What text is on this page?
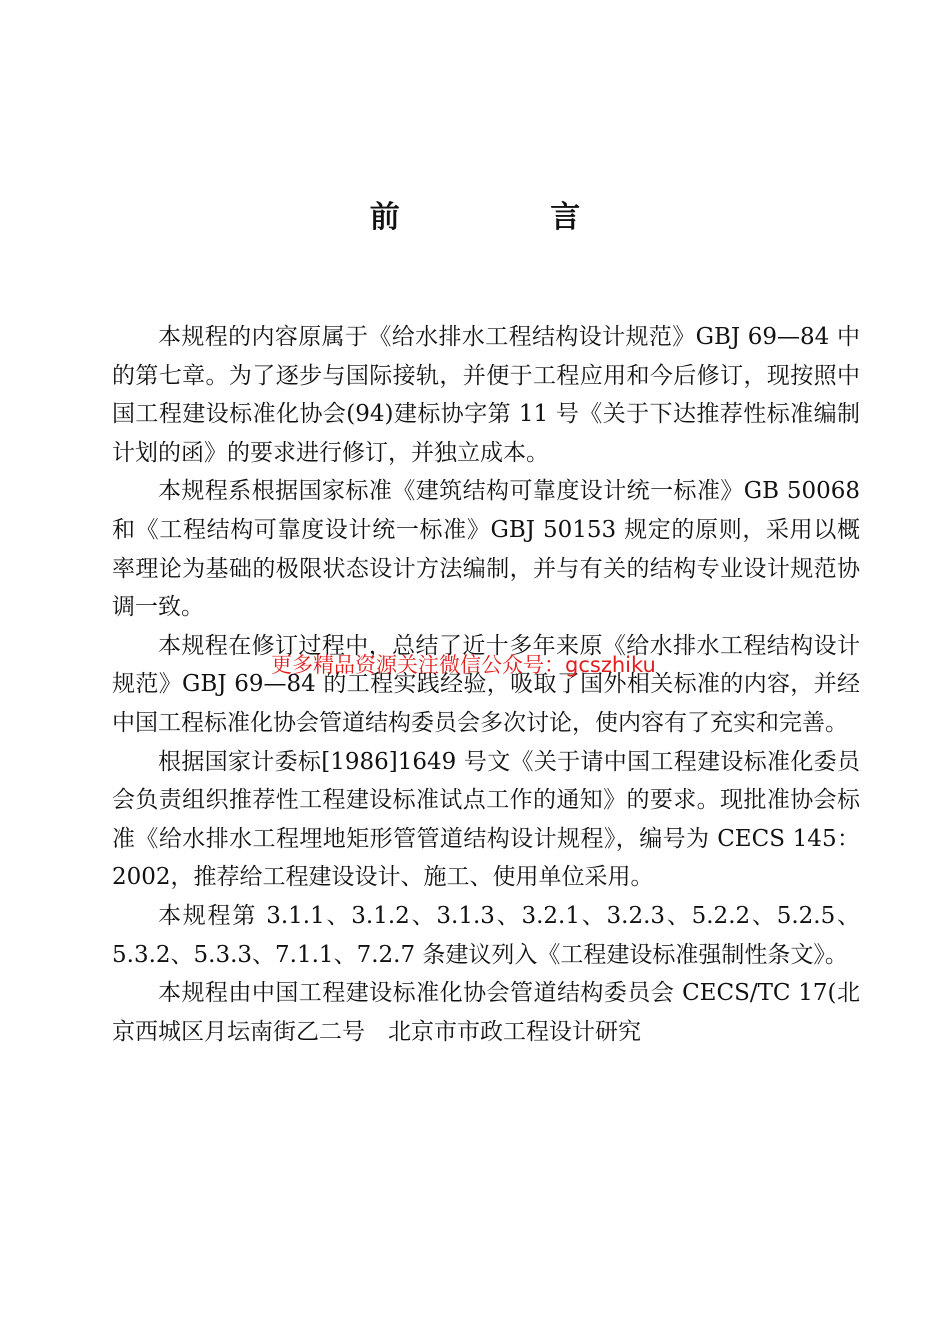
前 言

本规程的内容原属于《给水排水工程结构设计规范》GBJ 69—84 中的第七章。为了逐步与国际接轨，并便于工程应用和今后修订，现按照中国工程建设标准化协会(94)建标协字第 11 号《关于下达推荐性标准编制计划的函》的要求进行修订，并独立成本。

本规程系根据国家标准《建筑结构可靠度设计统一标准》GB 50068 和《工程结构可靠度设计统一标准》GBJ 50153 规定的原则，采用以概率理论为基础的极限状态设计方法编制，并与有关的结构专业设计规范协调一致。

本规程在修订过程中，总结了近十多年来原《给水排水工程结构设计规范》GBJ 69—84 的工程实践经验，吸取了国外相关标准的内容，并经中国工程标准化协会管道结构委员会多次讨论，使内容有了充实和完善。

根据国家计委标[1986]1649 号文《关于请中国工程建设标准化委员会负责组织推荐性工程建设标准试点工作的通知》的要求。现批准协会标准《给水排水工程埋地矩形管管道结构设计规程》，编号为 CECS 145：2002，推荐给工程建设设计、施工、使用单位采用。

本规程第 3.1.1、3.1.2、3.1.3、3.2.1、3.2.3、5.2.2、5.2.5、5.3.2、5.3.3、7.1.1、7.2.7 条建议列入《工程建设标准强制性条文》。

本规程由中国工程建设标准化协会管道结构委员会 CECS/TC 17(北京西城区月坛南街乙二号　北京市市政工程设计研究

更多精品资源关注微信公众号：gcszhiku
